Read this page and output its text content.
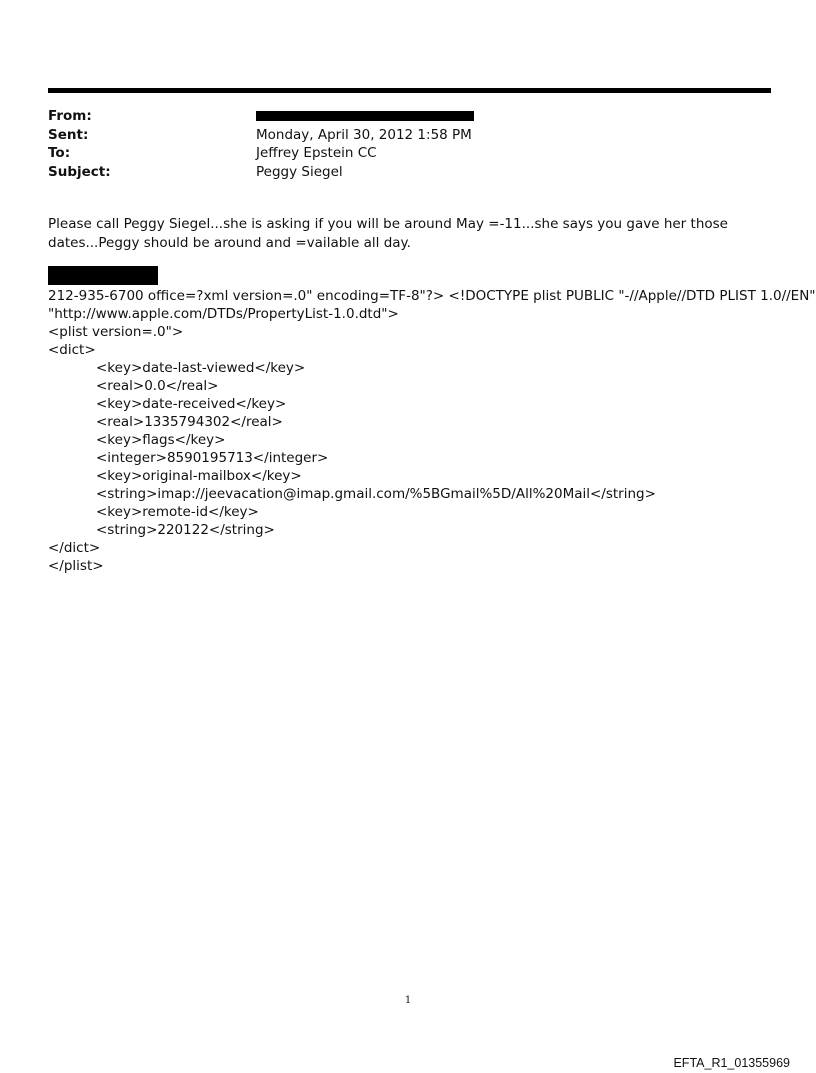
From:
Sent:	Monday, April 30, 2012 1:58 PM
To:	Jeffrey Epstein CC
Subject:	Peggy Siegel
Please call Peggy Siegel...she is asking if you will be around May =-11...she says you gave her those dates...Peggy should be around and =vailable all day.
212-935-6700 office=?xml version=.0" encoding=TF-8"?> <!DOCTYPE plist PUBLIC "-//Apple//DTD PLIST 1.0//EN"
"http://www.apple.com/DTDs/PropertyList-1.0.dtd">
<plist version=.0">
<dict>
<key>date-last-viewed</key>
<real>0.0</real>
<key>date-received</key>
<real>1335794302</real>
<key>flags</key>
<integer>8590195713</integer>
<key>original-mailbox</key>
<string>imap://jeevacation@imap.gmail.com/%5BGmail%5D/All%20Mail</string>
<key>remote-id</key>
<string>220122</string>
</dict>
</plist>
1
EFTA_R1_01355969
